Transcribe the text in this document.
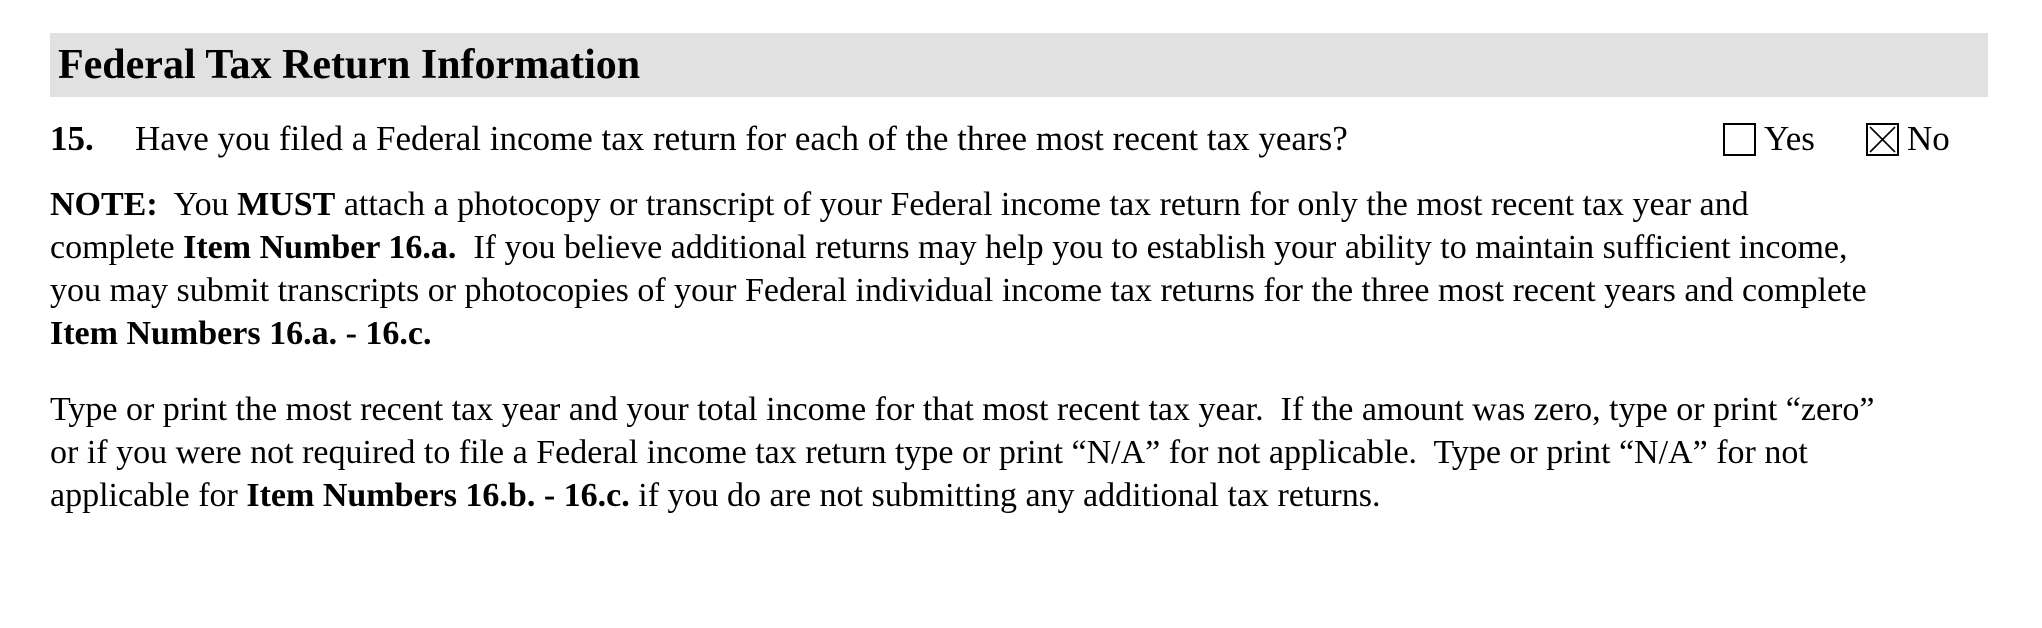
Federal Tax Return Information
15. Have you filed a Federal income tax return for each of the three most recent tax years?	Yes	No

NOTE: You MUST attach a photocopy or transcript of your Federal income tax return for only the most recent tax year and
complete Item Number 16.a.  If you believe additional returns may help you to establish your ability to maintain sufficient income,
you may submit transcripts or photocopies of your Federal individual income tax returns for the three most recent years and complete
Item Numbers 16.a. - 16.c.

Type or print the most recent tax year and your total income for that most recent tax year.  If the amount was zero, type or print “zero”
or if you were not required to file a Federal income tax return type or print “N/A” for not applicable.  Type or print “N/A” for not
applicable for Item Numbers 16.b. - 16.c. if you do are not submitting any additional tax returns.
